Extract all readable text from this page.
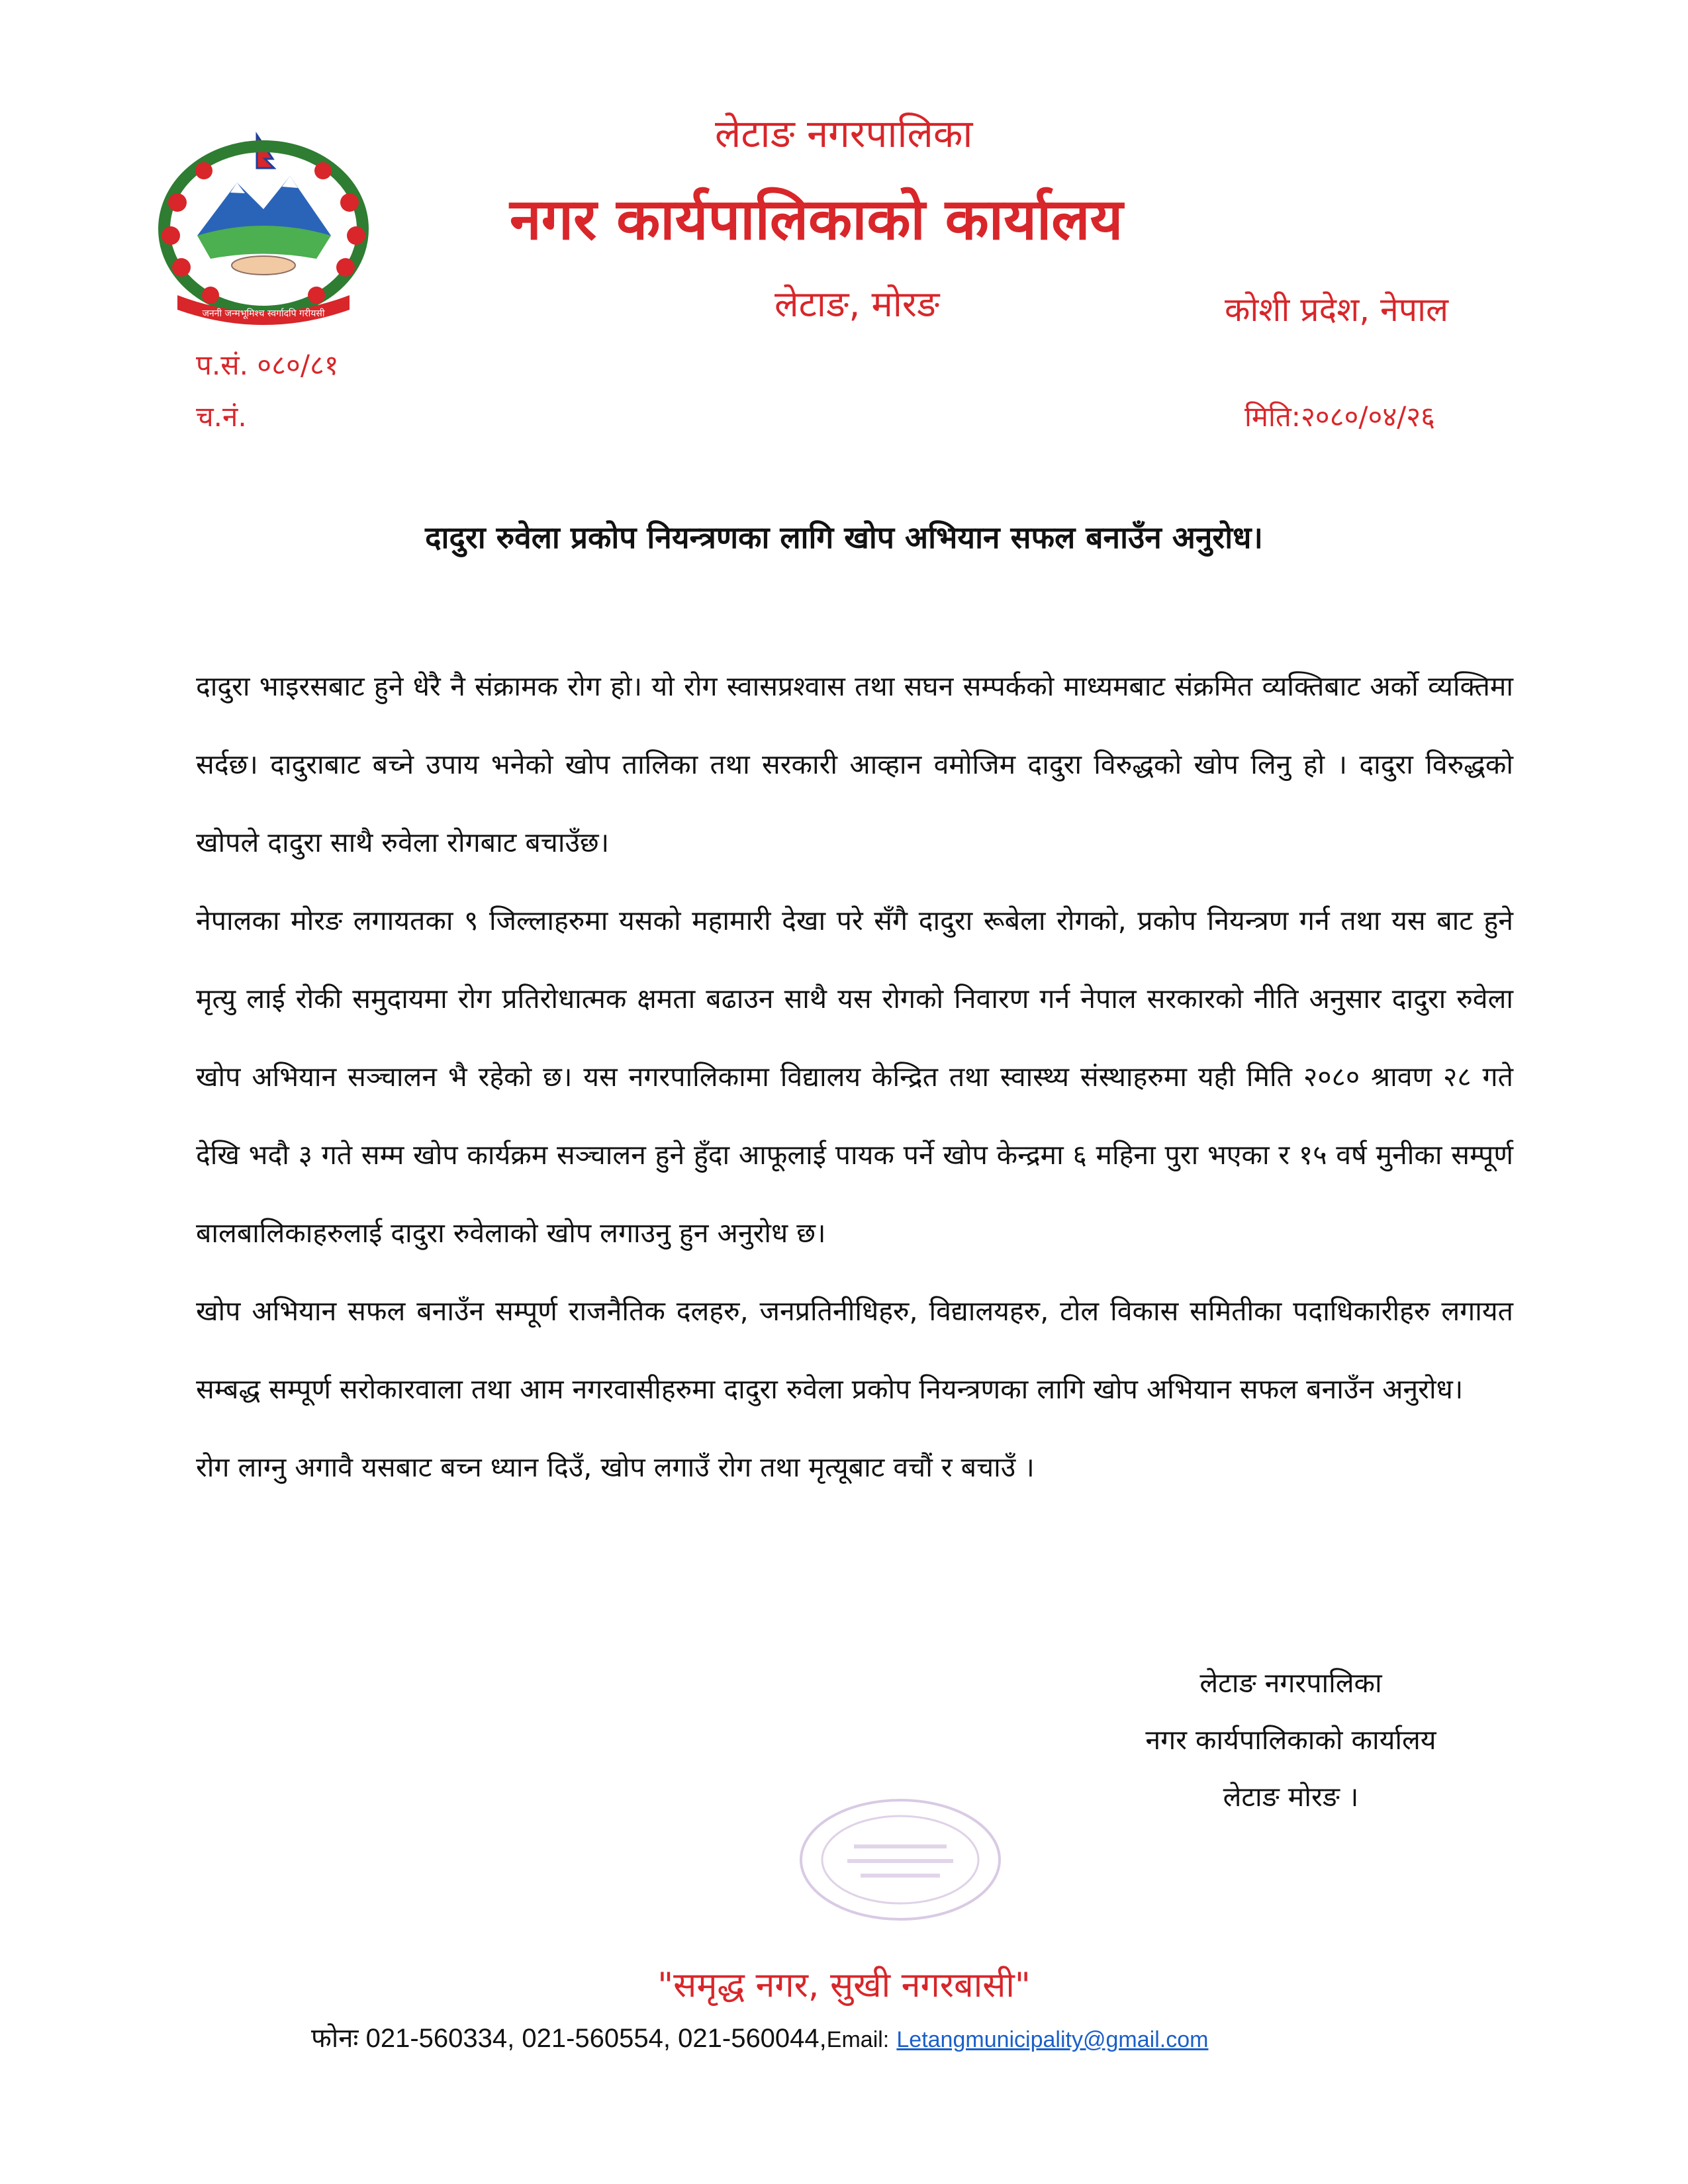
जननी जन्मभूमिश्च स्वर्गादपि गरीयसी
लेटाङ नगरपालिका
नगर कार्यपालिकाको कार्यालय
लेटाङ, मोरङ	कोशी प्रदेश, नेपाल
प.सं. ०८०/८१
च.नं.	मिति:२०८०/०४/२६
दादुरा रुवेला प्रकोप नियन्त्रणका लागि खोप अभियान सफल बनाउँन अनुरोध।

दादुरा भाइरसबाट हुने धेरै नै संक्रामक रोग हो। यो रोग स्वासप्रश्वास तथा सघन सम्पर्कको माध्यमबाट संक्रमित व्यक्तिबाट अर्को व्यक्तिमा सर्दछ। दादुराबाट बच्ने उपाय भनेको खोप तालिका तथा सरकारी आव्हान वमोजिम दादुरा विरुद्धको खोप लिनु हो । दादुरा विरुद्धको खोपले दादुरा साथै रुवेला रोगबाट बचाउँछ।

नेपालका मोरङ लगायतका ९ जिल्लाहरुमा यसको महामारी देखा परे सँगै दादुरा रूबेला रोगको, प्रकोप नियन्त्रण गर्न तथा यस बाट हुने मृत्यु लाई रोकी समुदायमा रोग प्रतिरोधात्मक क्षमता बढाउन साथै यस रोगको निवारण गर्न नेपाल सरकारको नीति अनुसार दादुरा रुवेला खोप अभियान सञ्चालन भै रहेको छ। यस नगरपालिकामा विद्यालय केन्द्रित तथा स्वास्थ्य संस्थाहरुमा यही मिति २०८० श्रावण २८ गते देखि भदौ ३ गते सम्म खोप कार्यक्रम सञ्चालन हुने हुँदा आफूलाई पायक पर्ने खोप केन्द्रमा ६ महिना पुरा भएका र १५ वर्ष मुनीका सम्पूर्ण बालबालिकाहरुलाई दादुरा रुवेलाको खोप लगाउनु हुन अनुरोध छ।

खोप अभियान सफल बनाउँन सम्पूर्ण राजनैतिक दलहरु, जनप्रतिनीधिहरु, विद्यालयहरु, टोल विकास समितीका पदाधिकारीहरु लगायत सम्बद्ध सम्पूर्ण सरोकारवाला तथा आम नगरवासीहरुमा दादुरा रुवेला प्रकोप नियन्त्रणका लागि खोप अभियान सफल बनाउँन अनुरोध।

रोग लाग्नु अगावै यसबाट बच्न ध्यान दिउँ, खोप लगाउँ रोग तथा मृत्यूबाट वचौं र बचाउँ ।

लेटाङ नगरपालिका
नगर कार्यपालिकाको कार्यालय
लेटाङ मोरङ ।
"समृद्ध नगर, सुखी नगरबासी"
फोनः 021-560334, 021-560554, 021-560044,Email: Letangmunicipality@gmail.com
